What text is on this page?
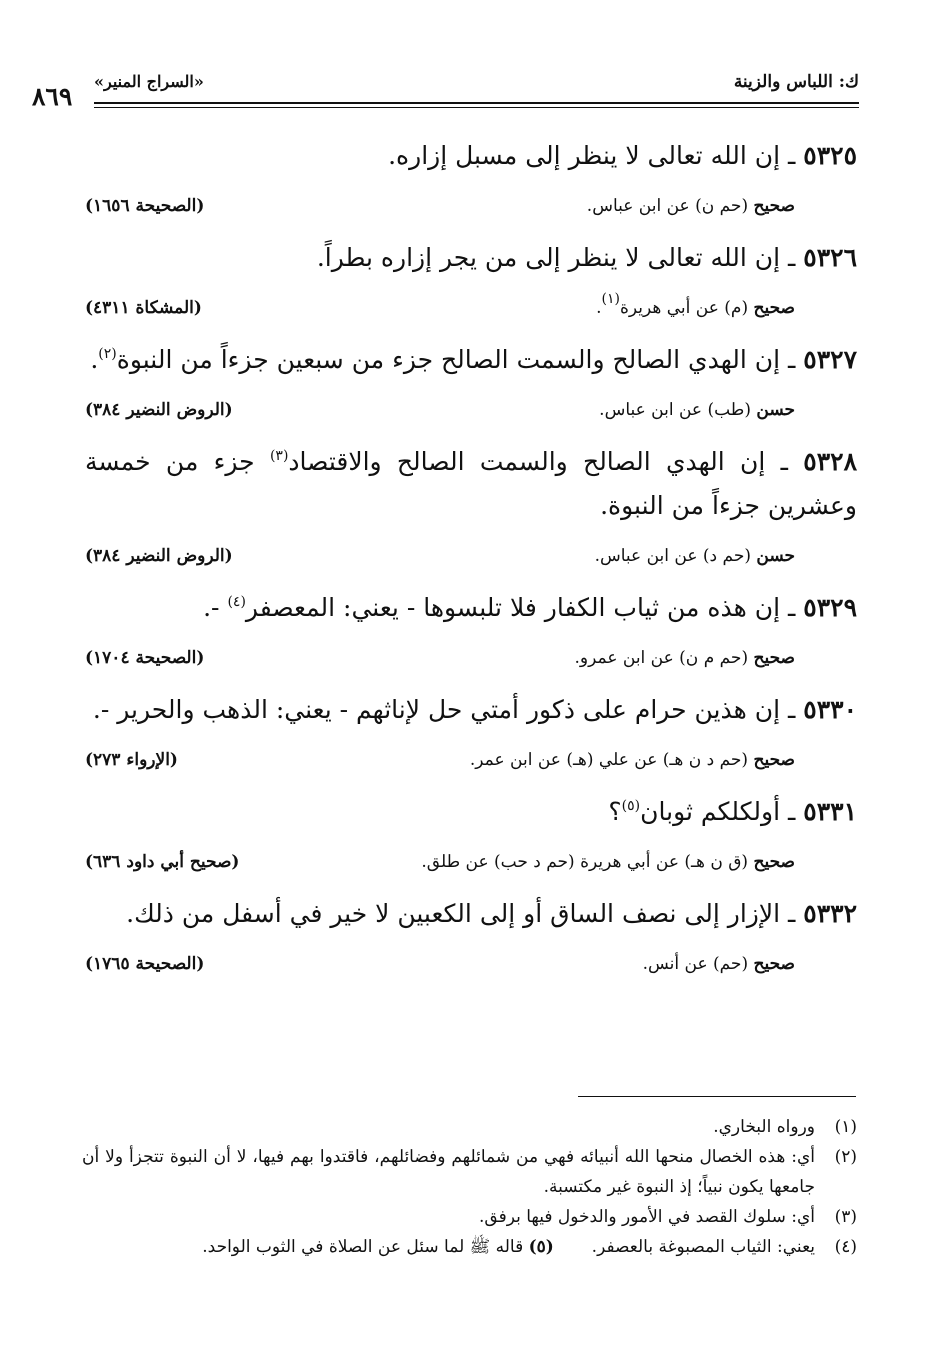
ك: اللباس والزينة
«السراج المنير»
٨٦٩
٥٣٢٥ ـ إن الله تعالى لا ينظر إلى مسبل إزاره.
صحيح (حم ن) عن ابن عباس.
(الصحيحة ١٦٥٦)
٥٣٢٦ ـ إن الله تعالى لا ينظر إلى من يجر إزاره بطراً.
صحيح (م) عن أبي هريرة$^{(١)}$.
(المشكاة ٤٣١١)
٥٣٢٧ ـ إن الهدي الصالح والسمت الصالح جزء من سبعين جزءاً من النبوة$^{(٢)}$.
حسن (طب) عن ابن عباس.
(الروض النضير ٣٨٤)
٥٣٢٨ ـ إن الهدي الصالح والسمت الصالح والاقتصاد$^{(٣)}$ جزء من خمسة وعشرين جزءاً من النبوة.
حسن (حم د) عن ابن عباس.
(الروض النضير ٣٨٤)
٥٣٢٩ ـ إن هذه من ثياب الكفار فلا تلبسوها - يعني: المعصفر$^{(٤)}$ -.
صحيح (حم م ن) عن ابن عمرو.
(الصحيحة ١٧٠٤)
٥٣٣٠ ـ إن هذين حرام على ذكور أمتي حل لإناثهم - يعني: الذهب والحرير -.
صحيح (حم د ن هـ) عن علي (هـ) عن ابن عمر.
(الإرواء ٢٧٣)
٥٣٣١ ـ أولكلكم ثوبان$^{(٥)}$؟
صحيح (ق ن هـ) عن أبي هريرة (حم د حب) عن طلق.
(صحيح أبي داود ٦٣٦)
٥٣٣٢ ـ الإزار إلى نصف الساق أو إلى الكعبين لا خير في أسفل من ذلك.
صحيح (حم) عن أنس.
(الصحيحة ١٧٦٥)
(١)
ورواه البخاري.
(٢)
أي: هذه الخصال منحها الله أنبيائه فهي من شمائلهم وفضائلهم، فاقتدوا بهم فيها، لا أن النبوة تتجزأ ولا أن جامعها يكون نبياً؛ إذ النبوة غير مكتسبة.
(٣)
أي: سلوك القصد في الأمور والدخول فيها برفق.
(٤)
يعني: الثياب المصبوغة بالعصفر.       (٥) قاله ﷺ لما سئل عن الصلاة في الثوب الواحد.
